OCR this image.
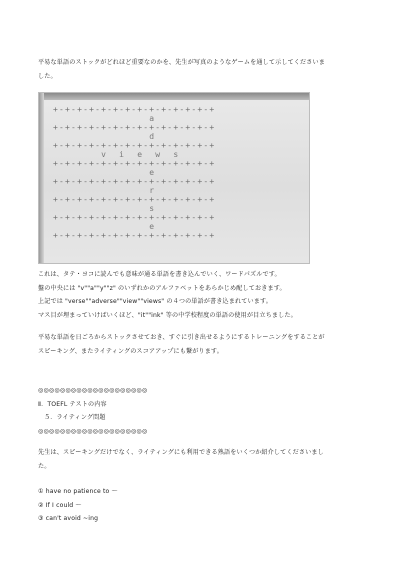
平易な単語のストックがどれほど重要なのかを、先生が写真のようなゲームを通して示してくださいま
した。
+-+-+-+-+-+-+-+-+-+-+-+-+-+
a
+-+-+-+-+-+-+-+-+-+-+-+-+-+
d
+-+-+-+-+-+-+-+-+-+-+-+-+-+
v  i  e  w  s
+-+-+-+-+-+-+-+-+-+-+-+-+-+
e
+-+-+-+-+-+-+-+-+-+-+-+-+-+
r
+-+-+-+-+-+-+-+-+-+-+-+-+-+
s
+-+-+-+-+-+-+-+-+-+-+-+-+-+
e
+-+-+-+-+-+-+-+-+-+-+-+-+-+
これは、タテ・ヨコに読んでも意味が通る単語を書き込んでいく、ワードパズルです。
盤の中央には "v""a""y""z" のいずれかのアルファベットをあらかじめ配しておきます。
上記では "verse""adverse""view""views" の４つの単語が書き込まれています。
マス目が埋まっていけばいくほど、"it""ink" 等の中学校程度の単語の使用が目立ちました。
平易な単語を日ごろからストックさせておき、すぐに引き出せるようにするトレーニングをすることが
スピーキング、またライティングのスコアアップにも繋がります。
◎◎◎◎◎◎◎◎◎◎◎◎◎◎◎◎◎◎◎◎
Ⅱ．TOEFL テストの内容
５．ライティング問題
◎◎◎◎◎◎◎◎◎◎◎◎◎◎◎◎◎◎◎◎
先生は、スピーキングだけでなく、ライティングにも利用できる熟語をいくつか紹介してくださいまし
た。
① have no patience to 〜
② If I could 〜
③ can't avoid ~ing
